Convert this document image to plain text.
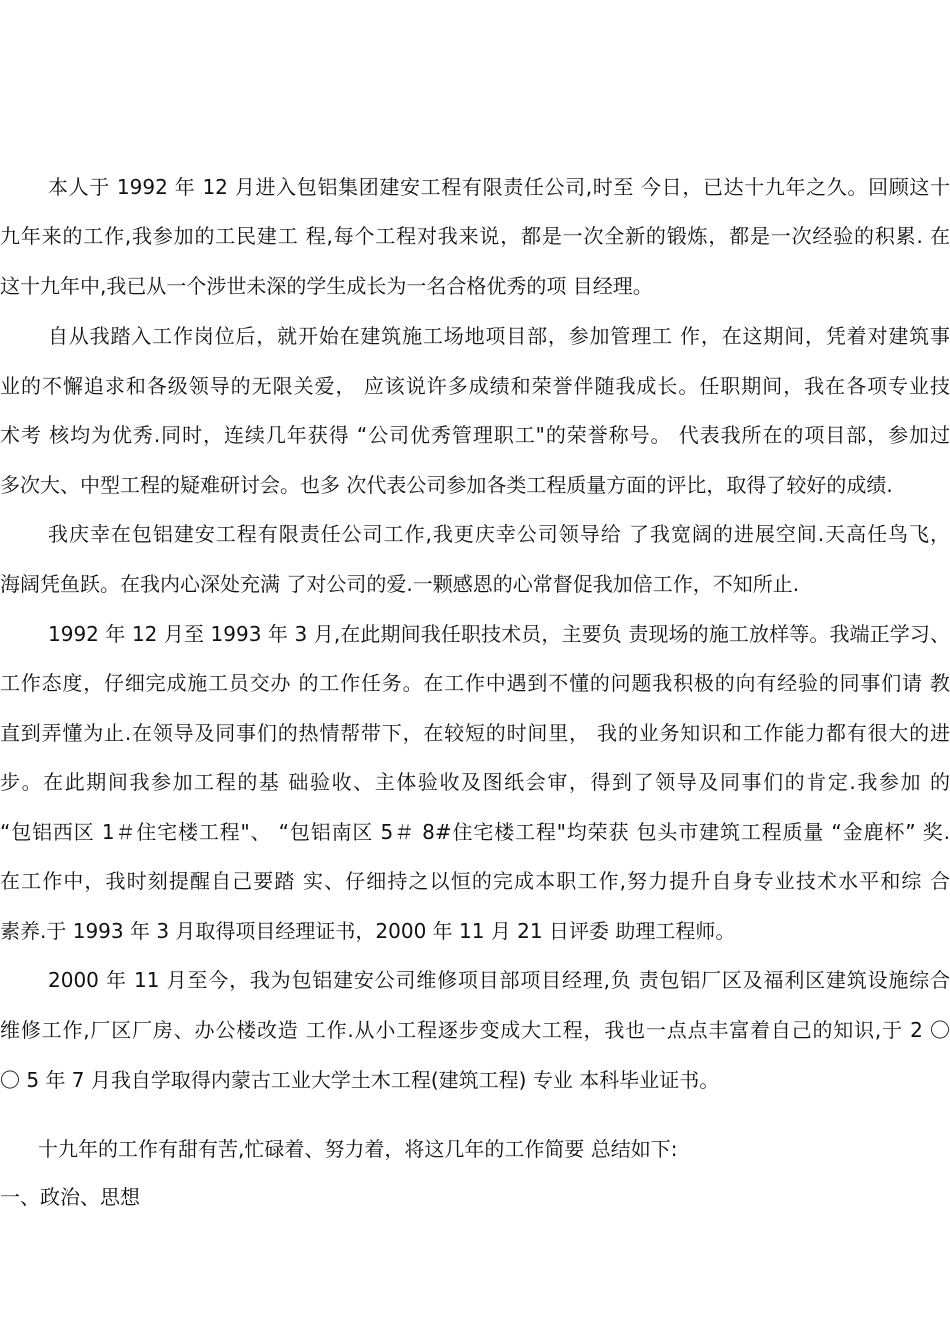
本人于 1992 年 12 月进入包铝集团建安工程有限责任公司,时至 今日，已达十九年之久。回顾这十
九年来的工作,我参加的工民建工 程,每个工程对我来说，都是一次全新的锻炼，都是一次经验的积累. 在
这十九年中,我已从一个涉世未深的学生成长为一名合格优秀的项 目经理。
自从我踏入工作岗位后，就开始在建筑施工场地项目部，参加管理工 作，在这期间，凭着对建筑事
业的不懈追求和各级领导的无限关爱， 应该说许多成绩和荣誉伴随我成长。任职期间，我在各项专业技
术考 核均为优秀.同时，连续几年获得 “公司优秀管理职工"的荣誉称号。 代表我所在的项目部，参加过
多次大、中型工程的疑难研讨会。也多 次代表公司参加各类工程质量方面的评比，取得了较好的成绩.
我庆幸在包铝建安工程有限责任公司工作,我更庆幸公司领导给 了我宽阔的进展空间.天高任鸟飞，
海阔凭鱼跃。在我内心深处充满 了对公司的爱.一颗感恩的心常督促我加倍工作，不知所止.
1992 年 12 月至 1993 年 3 月,在此期间我任职技术员，主要负 责现场的施工放样等。我端正学习、
工作态度，仔细完成施工员交办 的工作任务。在工作中遇到不懂的问题我积极的向有经验的同事们请 教
直到弄懂为止.在领导及同事们的热情帮带下，在较短的时间里， 我的业务知识和工作能力都有很大的进
步。在此期间我参加工程的基 础验收、主体验收及图纸会审，得到了领导及同事们的肯定.我参加 的
“包铝西区 1＃住宅楼工程"、 “包铝南区 5＃ 8#住宅楼工程"均荣获 包头市建筑工程质量 “金鹿杯” 奖.
在工作中，我时刻提醒自己要踏 实、仔细持之以恒的完成本职工作,努力提升自身专业技术水平和综 合
素养.于 1993 年 3 月取得项目经理证书，2000 年 11 月 21 日评委 助理工程师。
2000 年 11 月至今，我为包铝建安公司维修项目部项目经理,负 责包铝厂区及福利区建筑设施综合
维修工作,厂区厂房、办公楼改造 工作.从小工程逐步变成大工程，我也一点点丰富着自己的知识,于 2 〇
〇 5 年 7 月我自学取得内蒙古工业大学土木工程(建筑工程) 专业 本科毕业证书。
十九年的工作有甜有苦,忙碌着、努力着，将这几年的工作简要 总结如下:
一、政治、思想
